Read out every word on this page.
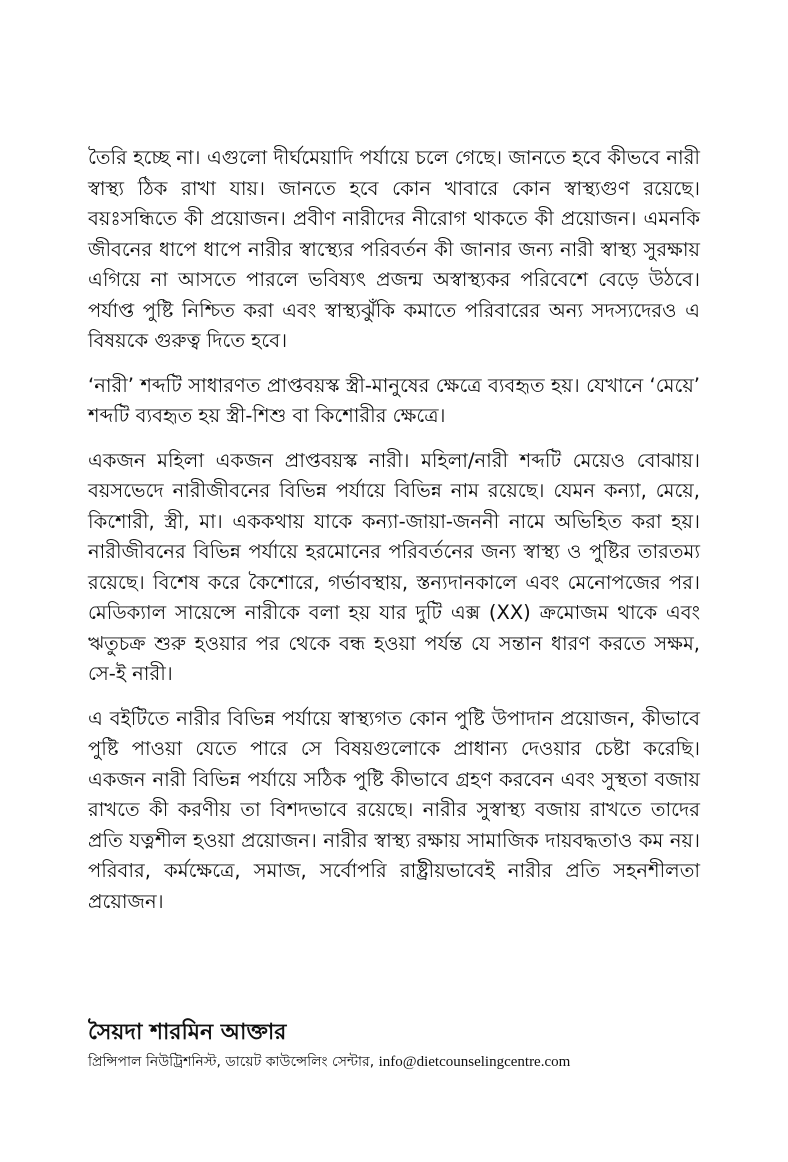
তৈরি হচ্ছে না। এগুলো দীর্ঘমেয়াদি পর্যায়ে চলে গেছে। জানতে হবে কীভবে নারী স্বাস্থ্য ঠিক রাখা যায়। জানতে হবে কোন খাবারে কোন স্বাস্থ্যগুণ রয়েছে। বয়ঃসন্ধিতে কী প্রয়োজন। প্রবীণ নারীদের নীরোগ থাকতে কী প্রয়োজন। এমনকি জীবনের ধাপে ধাপে নারীর স্বাস্থ্যের পরিবর্তন কী জানার জন্য নারী স্বাস্থ্য সুরক্ষায় এগিয়ে না আসতে পারলে ভবিষ্যৎ প্রজন্ম অস্বাস্থ্যকর পরিবেশে বেড়ে উঠবে। পর্যাপ্ত পুষ্টি নিশ্চিত করা এবং স্বাস্থ্যঝুঁকি কমাতে পরিবারের অন্য সদস্যদেরও এ বিষয়কে গুরুত্ব দিতে হবে।

‘নারী’ শব্দটি সাধারণত প্রাপ্তবয়স্ক স্ত্রী-মানুষের ক্ষেত্রে ব্যবহৃত হয়। যেখানে ‘মেয়ে’ শব্দটি ব্যবহৃত হয় স্ত্রী-শিশু বা কিশোরীর ক্ষেত্রে।

একজন মহিলা একজন প্রাপ্তবয়স্ক নারী। মহিলা/নারী শব্দটি মেয়েও বোঝায়। বয়সভেদে নারীজীবনের বিভিন্ন পর্যায়ে বিভিন্ন নাম রয়েছে। যেমন কন্যা, মেয়ে, কিশোরী, স্ত্রী, মা। এককথায় যাকে কন্যা-জায়া-জননী নামে অভিহিত করা হয়। নারীজীবনের বিভিন্ন পর্যায়ে হরমোনের পরিবর্তনের জন্য স্বাস্থ্য ও পুষ্টির তারতম্য রয়েছে। বিশেষ করে কৈশোরে, গর্ভাবস্থায়, স্তন্যদানকালে এবং মেনোপজের পর। মেডিক্যাল সায়েন্সে নারীকে বলা হয় যার দুটি এক্স (XX) ক্রমোজম থাকে এবং ঋতুচক্র শুরু হওয়ার পর থেকে বন্ধ হওয়া পর্যন্ত যে সন্তান ধারণ করতে সক্ষম, সে-ই নারী।

এ বইটিতে নারীর বিভিন্ন পর্যায়ে স্বাস্থ্যগত কোন পুষ্টি উপাদান প্রয়োজন, কীভাবে পুষ্টি পাওয়া যেতে পারে সে বিষয়গুলোকে প্রাধান্য দেওয়ার চেষ্টা করেছি। একজন নারী বিভিন্ন পর্যায়ে সঠিক পুষ্টি কীভাবে গ্রহণ করবেন এবং সুস্থতা বজায় রাখতে কী করণীয় তা বিশদভাবে রয়েছে। নারীর সুস্বাস্থ্য বজায় রাখতে তাদের প্রতি যত্নশীল হওয়া প্রয়োজন। নারীর স্বাস্থ্য রক্ষায় সামাজিক দায়বদ্ধতাও কম নয়। পরিবার, কর্মক্ষেত্রে, সমাজ, সর্বোপরি রাষ্ট্রীয়ভাবেই নারীর প্রতি সহনশীলতা প্রয়োজন।

সৈয়দা শারমিন আক্তার

প্রিন্সিপাল নিউট্রিশনিস্ট, ডায়েট কাউন্সেলিং সেন্টার, info@dietcounselingcentre.com
